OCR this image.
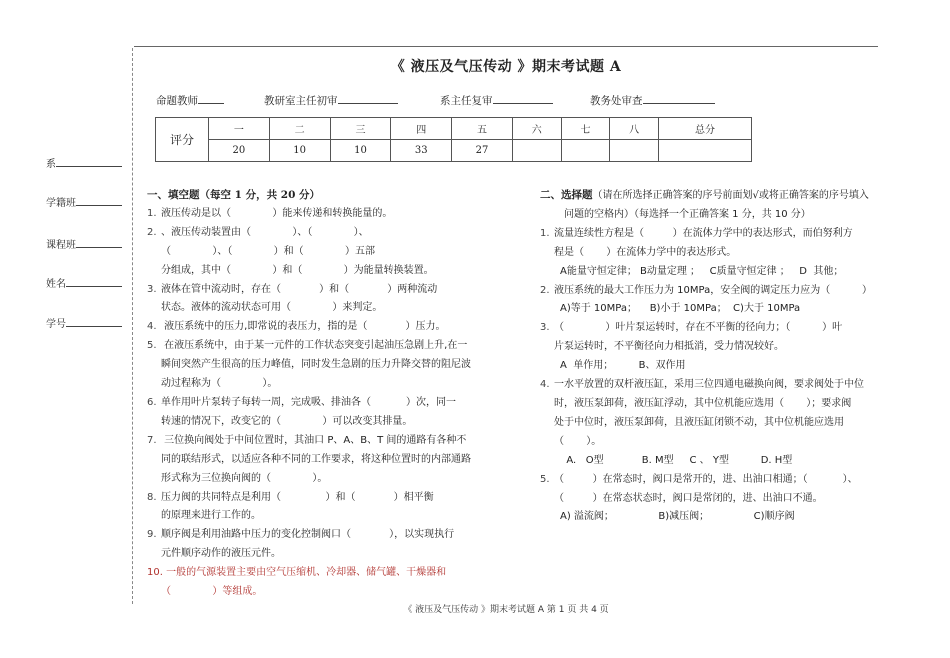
《 液压及气压传动 》期末考试题 A
命题教师	教研室主任初审	系主任复审	教务处审查
评分	一	二	三	四	五	六	七	八	总分
	20	10	10	33	27				
系
学籍班
课程班
姓名
学号
一、填空题（每空 1 分，共 20 分）
1. 液压传动是以（             ）能来传递和转换能量的。
2. 、液压传动装置由（             ）、（             ）、
（             ）、（             ）和（             ）五部
分组成，其中（             ）和（             ）为能量转换装置。
3. 液体在管中流动时，存在（            ）和（            ）两种流动
状态。液体的流动状态可用（             ）来判定。
4. 液压系统中的压力,即常说的表压力，指的是（            ）压力。
5. 在液压系统中，由于某一元件的工作状态突变引起油压急剧上升,在一
瞬间突然产生很高的压力峰值，同时发生急剧的压力升降交替的阻尼波
动过程称为（             ）。
6. 单作用叶片泵转子每转一周，完成吸、排油各（           ）次，同一
转速的情况下，改变它的（             ）可以改变其排量。
7. 三位换向阀处于中间位置时，其油口 P、A、B、T 间的通路有各种不
同的联结形式，以适应各种不同的工作要求，将这种位置时的内部通路
形式称为三位换向阀的（             ）。
8. 压力阀的共同特点是利用（              ）和（            ）相平衡
的原理来进行工作的。
9. 顺序阀是利用油路中压力的变化控制阀口（            ），以实现执行
元件顺序动作的液压元件。
10. 一般的气源装置主要由空气压缩机、冷却器、储气罐、干燥器和
（             ）等组成。
二、选择题（请在所选择正确答案的序号前面划√或将正确答案的序号填入
问题的空格内）（每选择一个正确答案 1 分，共 10 分）
1. 流量连续性方程是（         ）在流体力学中的表达形式，而伯努利方
程是（       ）在流体力学中的表达形式。
A能量守恒定律； B动量定理 ；   C质量守恒定律 ；   D  其他；
2. 液压系统的最大工作压力为 10MPa，安全阀的调定压力应为（          ）
A)等于 10MPa；    B)小于 10MPa；  C)大于 10MPa
3. （             ）叶片泵运转时，存在不平衡的径向力；（          ）叶
片泵运转时，不平衡径向力相抵消，受力情况较好。
A  单作用；        B、双作用
4. 一水平放置的双杆液压缸，采用三位四通电磁换向阀，要求阀处于中位
时，液压泵卸荷，液压缸浮动，其中位机能应选用（       ）；要求阀
处于中位时，液压泵卸荷，且液压缸闭锁不动，其中位机能应选用
（       ）。
A.   O型            B. M型     C 、 Y型          D. H型
5. （         ）在常态时，阀口是常开的，进、出油口相通；（           ）、
（         ）在常态状态时，阀口是常闭的，进、出油口不通。
A) 溢流阀；              B)减压阀；              C)顺序阀
《 液压及气压传动 》期末考试题 A 第 1 页 共 4 页
